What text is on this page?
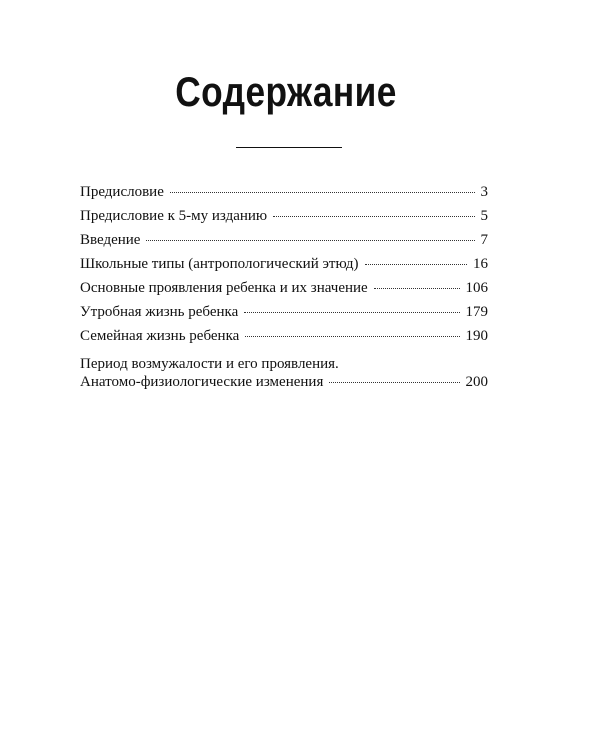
Содержание
Предисловие	3
Предисловие к 5-му изданию	5
Введение	7
Школьные типы (антропологический этюд)	16
Основные проявления ребенка и их значение	106
Утробная жизнь ребенка	179
Семейная жизнь ребенка	190
Период возмужалости и его проявления.
Анатомо-физиологические изменения	200
